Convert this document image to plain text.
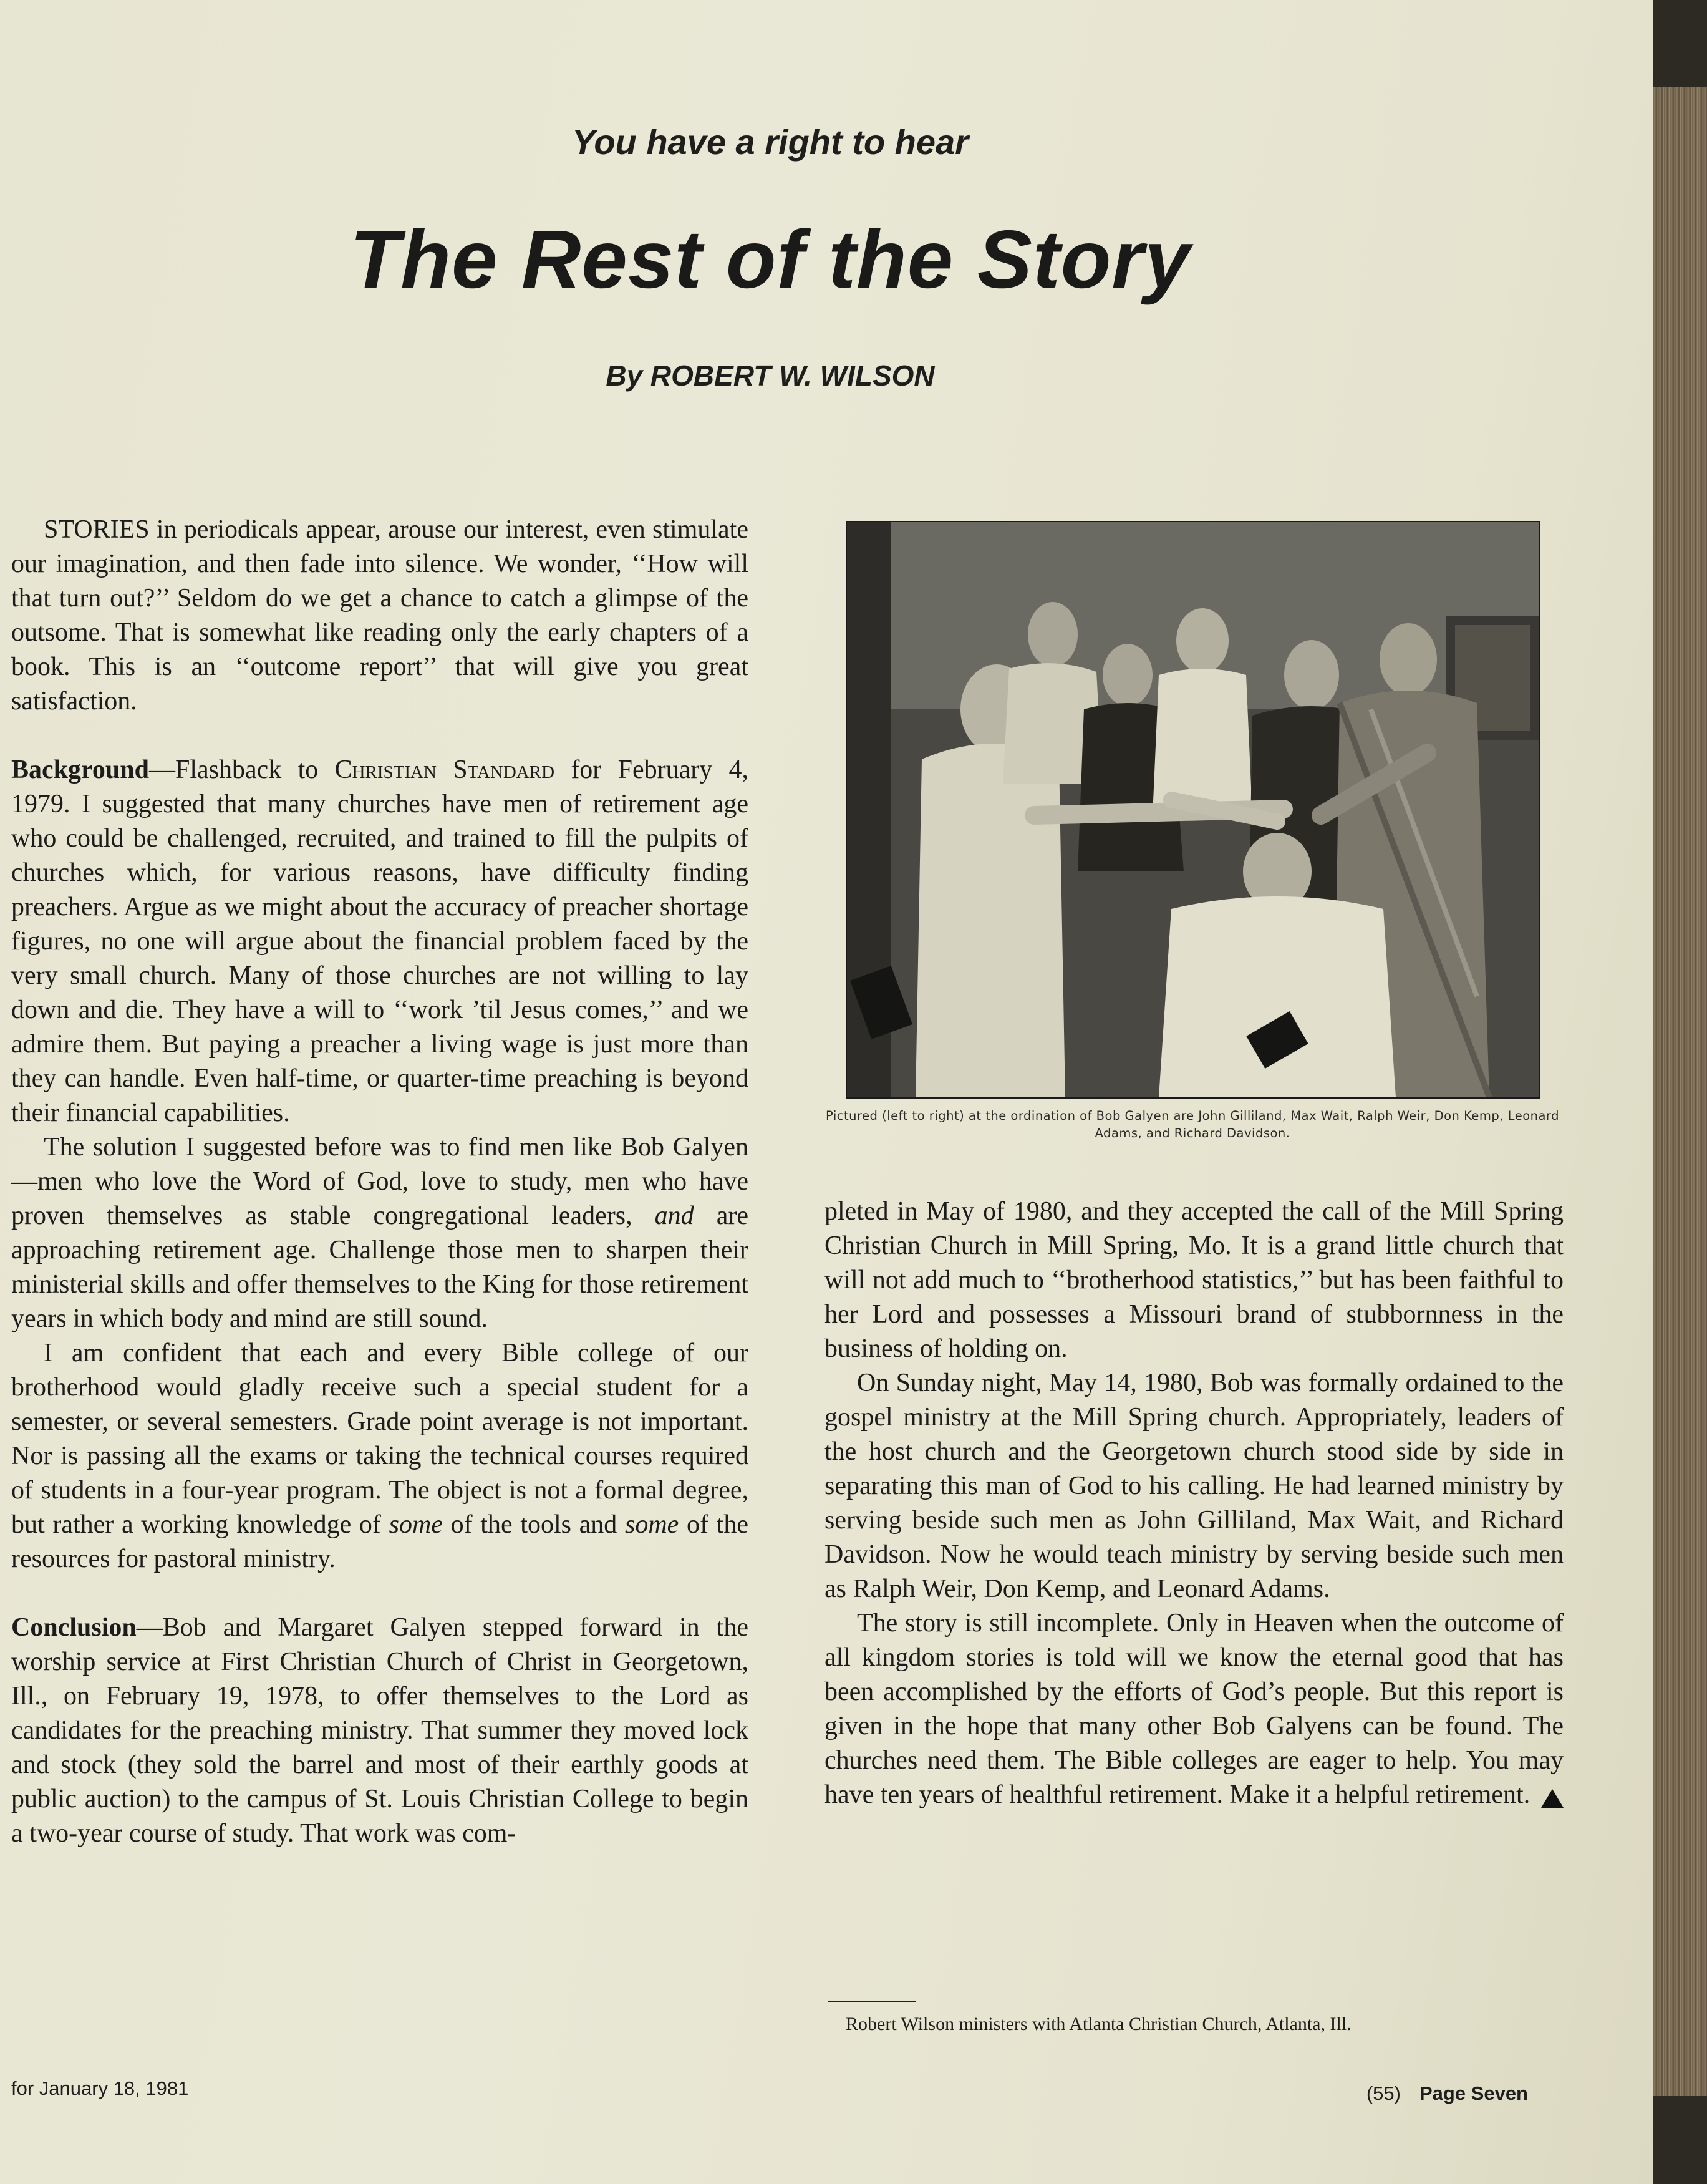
You have a right to hear
The Rest of the Story
By ROBERT W. WILSON

STORIES in periodicals appear, arouse our interest, even stimulate our imagination, and then fade into silence. We wonder, ‘‘How will that turn out?’’ Seldom do we get a chance to catch a glimpse of the outsome. That is somewhat like reading only the early chapters of a book. This is an ‘‘outcome report’’ that will give you great satisfaction.

Background—Flashback to Christian Standard for February 4, 1979. I suggested that many churches have men of retirement age who could be challenged, recruited, and trained to fill the pulpits of churches which, for various reasons, have difficulty finding preachers. Argue as we might about the accuracy of preacher shortage figures, no one will argue about the financial problem faced by the very small church. Many of those churches are not willing to lay down and die. They have a will to ‘‘work ’til Jesus comes,’’ and we admire them. But paying a preacher a living wage is just more than they can handle. Even half-time, or quarter-time preaching is beyond their financial capabilities.

The solution I suggested before was to find men like Bob Galyen—men who love the Word of God, love to study, men who have proven themselves as stable congregational leaders, and are approaching retirement age. Challenge those men to sharpen their ministerial skills and offer themselves to the King for those retirement years in which body and mind are still sound.

I am confident that each and every Bible college of our brotherhood would gladly receive such a special student for a semester, or several semesters. Grade point average is not important. Nor is passing all the exams or taking the technical courses required of students in a four-year program. The object is not a formal degree, but rather a working knowledge of some of the tools and some of the resources for pastoral ministry.

Conclusion—Bob and Margaret Galyen stepped forward in the worship service at First Christian Church of Christ in Georgetown, Ill., on February 19, 1978, to offer themselves to the Lord as candidates for the preaching ministry. That summer they moved lock and stock (they sold the barrel and most of their earthly goods at public auction) to the campus of St. Louis Christian College to begin a two-year course of study. That work was com-

Pictured (left to right) at the ordination of Bob Galyen are John Gilliland, Max Wait, Ralph Weir, Don Kemp, Leonard Adams, and Richard Davidson.

pleted in May of 1980, and they accepted the call of the Mill Spring Christian Church in Mill Spring, Mo. It is a grand little church that will not add much to ‘‘brotherhood statistics,’’ but has been faithful to her Lord and possesses a Missouri brand of stubbornness in the business of holding on.

On Sunday night, May 14, 1980, Bob was formally ordained to the gospel ministry at the Mill Spring church. Appropriately, leaders of the host church and the Georgetown church stood side by side in separating this man of God to his calling. He had learned ministry by serving beside such men as John Gilliland, Max Wait, and Richard Davidson. Now he would teach ministry by serving beside such men as Ralph Weir, Don Kemp, and Leonard Adams.

The story is still incomplete. Only in Heaven when the outcome of all kingdom stories is told will we know the eternal good that has been accomplished by the efforts of God’s people. But this report is given in the hope that many other Bob Galyens can be found. The churches need them. The Bible colleges are eager to help. You may have ten years of healthful retirement. Make it a helpful retirement.

Robert Wilson ministers with Atlanta Christian Church, Atlanta, Ill.
for January 18, 1981	(55) Page Seven
